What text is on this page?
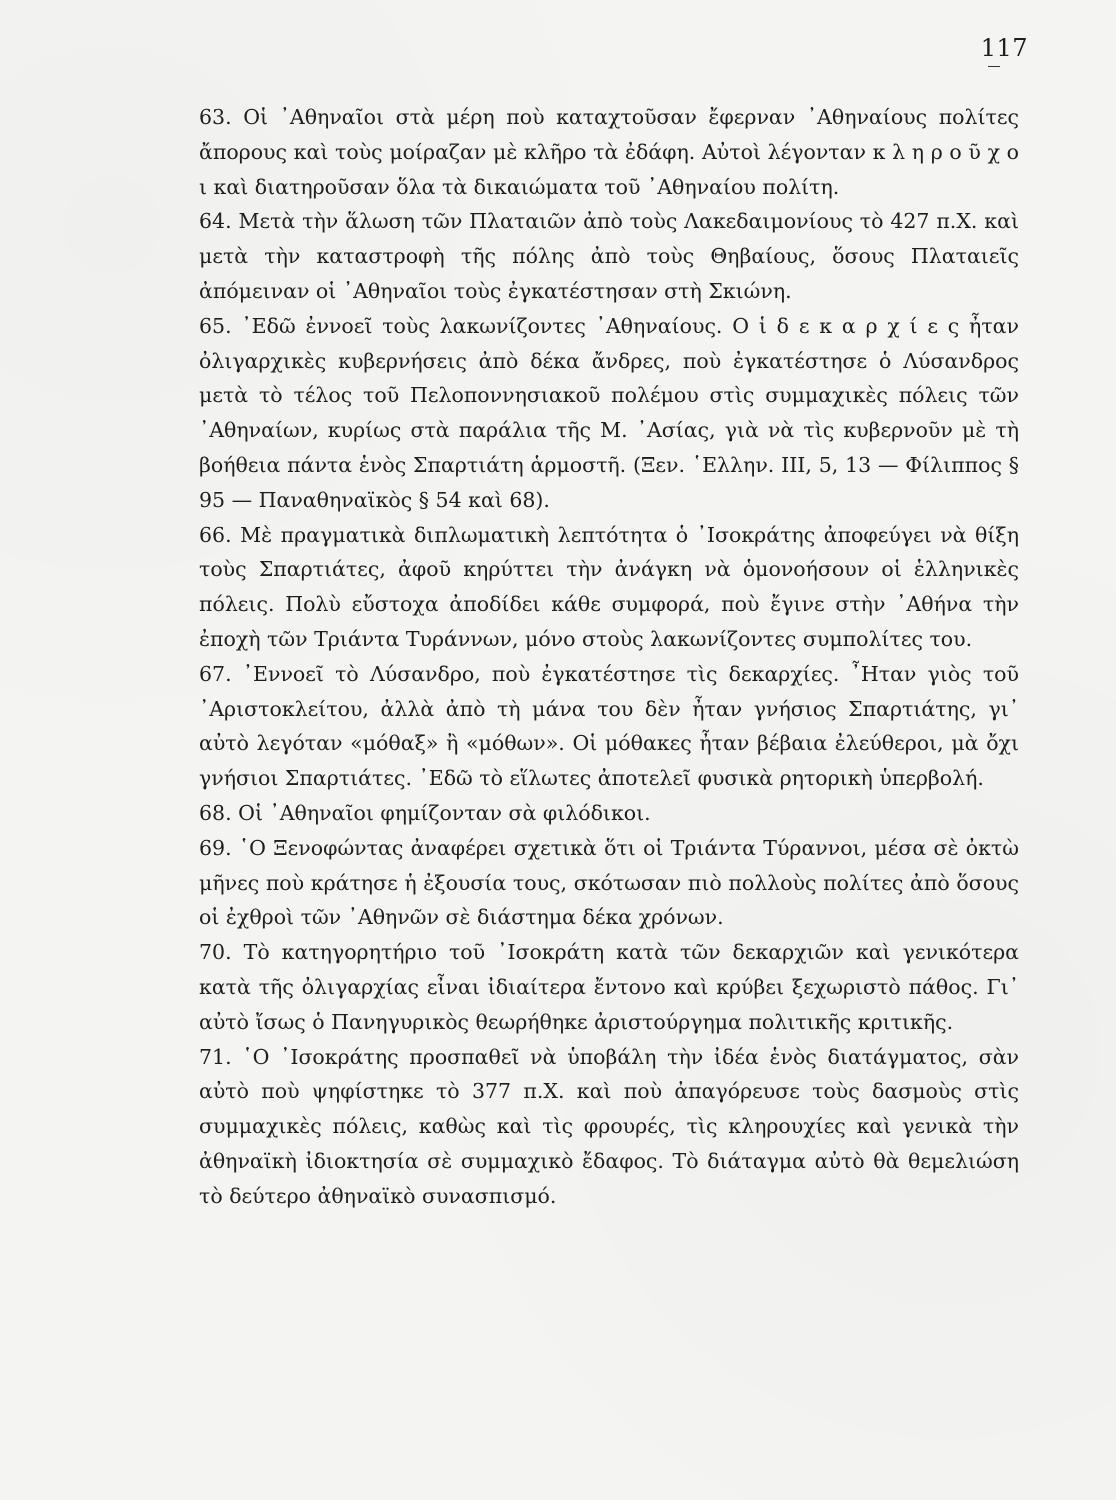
117

63. Οἱ ᾿Αθηναῖοι στὰ μέρη ποὺ καταχτοῦσαν ἔφερναν ᾿Αθηναίους πολίτες ἄπορους καὶ τοὺς μοίραζαν μὲ κλῆρο τὰ ἐδάφη. Αὐτοὶ λέγονταν κ λ η ρ ο ῦ χ ο ι καὶ διατηροῦσαν ὅλα τὰ δικαιώματα τοῦ ᾿Αθηναίου πολίτη.

64. Μετὰ τὴν ἅλωση τῶν Πλαταιῶν ἀπὸ τοὺς Λακεδαιμονίους τὸ 427 π.Χ. καὶ μετὰ τὴν καταστροφὴ τῆς πόλης ἀπὸ τοὺς Θηβαίους, ὅσους Πλαταιεῖς ἀπόμειναν οἱ ᾿Αθηναῖοι τοὺς ἐγκατέστησαν στὴ Σκιώνη.

65. ᾿Εδῶ ἐννοεῖ τοὺς λακωνίζοντες ᾿Αθηναίους. Ο ἱ δ ε κ α ρ χ ί ε ς ἦταν ὀλιγαρχικὲς κυβερνήσεις ἀπὸ δέκα ἄνδρες, ποὺ ἐγκατέστησε ὁ Λύσανδρος μετὰ τὸ τέλος τοῦ Πελοποννησιακοῦ πολέμου στὶς συμμαχικὲς πόλεις τῶν ᾿Αθηναίων, κυρίως στὰ παράλια τῆς Μ. ᾿Ασίας, γιὰ νὰ τὶς κυβερνοῦν μὲ τὴ βοήθεια πάντα ἑνὸς Σπαρτιάτη ἁρμοστῆ. (Ξεν. ῾Ελλην. III, 5, 13 — Φίλιππος § 95 — Παναθηναϊκὸς § 54 καὶ 68).

66. Μὲ πραγματικὰ διπλωματικὴ λεπτότητα ὁ ᾿Ισοκράτης ἀποφεύγει νὰ θίξη τοὺς Σπαρτιάτες, ἀφοῦ κηρύττει τὴν ἀνάγκη νὰ ὁμονοήσουν οἱ ἑλληνικὲς πόλεις. Πολὺ εὔστοχα ἀποδίδει κάθε συμφορά, ποὺ ἔγινε στὴν ᾿Αθήνα τὴν ἐποχὴ τῶν Τριάντα Τυράννων, μόνο στοὺς λακωνίζοντες συμπολίτες του.

67. ᾿Εννοεῖ τὸ Λύσανδρο, ποὺ ἐγκατέστησε τὶς δεκαρχίες. ῏Ηταν γιὸς τοῦ ᾿Αριστοκλείτου, ἀλλὰ ἀπὸ τὴ μάνα του δὲν ἦταν γνήσιος Σπαρτιάτης, γι᾿ αὐτὸ λεγόταν «μόθαξ» ἢ «μόθων». Οἱ μόθακες ἦταν βέβαια ἐλεύθεροι, μὰ ὄχι γνήσιοι Σπαρτιάτες. ᾿Εδῶ τὸ εἵλωτες ἀποτελεῖ φυσικὰ ρητορικὴ ὑπερβολή.

68. Οἱ ᾿Αθηναῖοι φημίζονταν σὰ φιλόδικοι.

69. ῾Ο Ξενοφώντας ἀναφέρει σχετικὰ ὅτι οἱ Τριάντα Τύραννοι, μέσα σὲ ὀκτὼ μῆνες ποὺ κράτησε ἡ ἐξουσία τους, σκότωσαν πιὸ πολλοὺς πολίτες ἀπὸ ὅσους οἱ ἐχθροὶ τῶν ᾿Αθηνῶν σὲ διάστημα δέκα χρόνων.

70. Τὸ κατηγορητήριο τοῦ ᾿Ισοκράτη κατὰ τῶν δεκαρχιῶν καὶ γενικότερα κατὰ τῆς ὀλιγαρχίας εἶναι ἰδιαίτερα ἔντονο καὶ κρύβει ξεχωριστὸ πάθος. Γι᾿ αὐτὸ ἴσως ὁ Πανηγυρικὸς θεωρήθηκε ἀριστούργημα πολιτικῆς κριτικῆς.

71. ῾Ο ᾿Ισοκράτης προσπαθεῖ νὰ ὑποβάλη τὴν ἰδέα ἑνὸς διατάγματος, σὰν αὐτὸ ποὺ ψηφίστηκε τὸ 377 π.Χ. καὶ ποὺ ἀπαγόρευσε τοὺς δασμοὺς στὶς συμμαχικὲς πόλεις, καθὼς καὶ τὶς φρουρές, τὶς κληρουχίες καὶ γενικὰ τὴν ἀθηναϊκὴ ἰδιοκτησία σὲ συμμαχικὸ ἔδαφος. Τὸ διάταγμα αὐτὸ θὰ θεμελιώση τὸ δεύτερο ἀθηναϊκὸ συνασπισμό.
